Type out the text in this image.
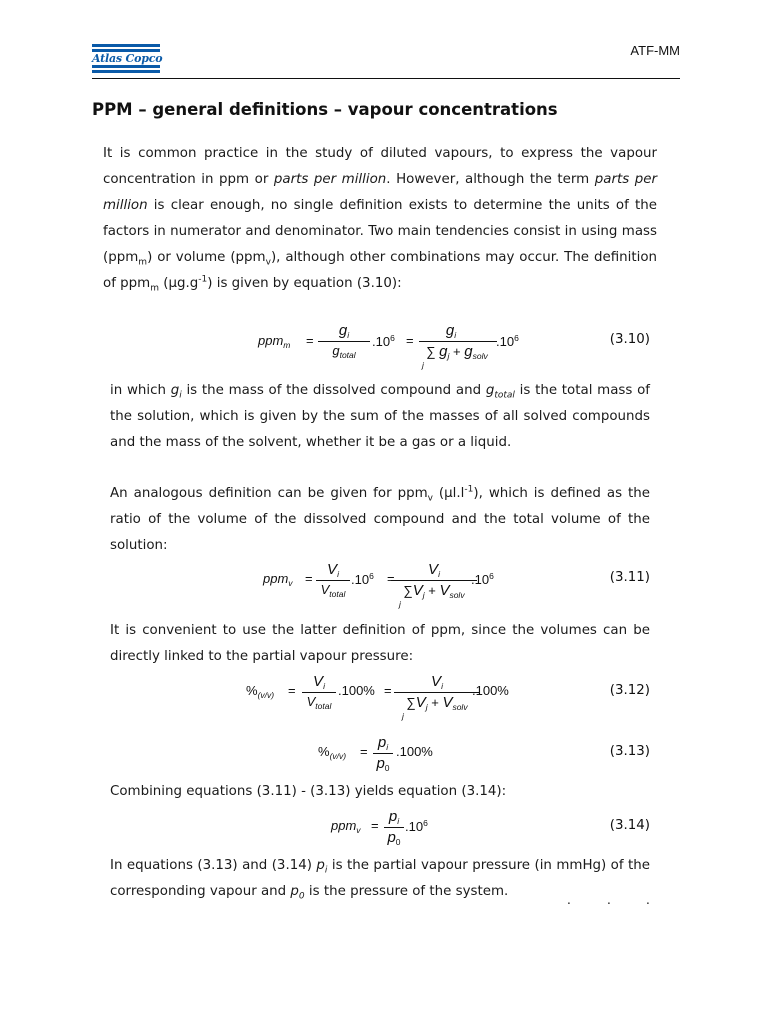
Atlas Copco
ATF-MM
PPM – general definitions – vapour concentrations
It is common practice in the study of diluted vapours, to express the vapour concentration in ppm or parts per million. However, although the term parts per million is clear enough, no single definition exists to determine the units of the factors in numerator and denominator. Two main tendencies consist in using mass (ppm$_m$) or volume (ppm$_v$), although other combinations may occur. The definition of ppm$_m$ $(\mu g.g^{-1})$ is given by equation (3.10):
ppm$_m$ =
$g_i$
$g_{total}$
$.10^6$ =
$g_i$
∑ $g_j + g_{solv}$
j
$.10^6$	(3.10)
in which $g_i$ is the mass of the dissolved compound and $g_{total}$ is the total mass of the solution, which is given by the sum of the masses of all solved compounds and the mass of the solvent, whether it be a gas or a liquid.
An analogous definition can be given for ppm$_v$ $(\mu l.l^{-1})$, which is defined as the ratio of the volume of the dissolved compound and the total volume of the solution:
ppm$_v$ =
$V_i$
$V_{total}$
$.10^6$ =
$V_i$
$\sum V_j + V_{solv}$
j
$.10^6$	(3.11)
It is convenient to use the latter definition of ppm, since the volumes can be directly linked to the partial vapour pressure:
$\%_{(v/v)}$ =
$V_i$
$V_{total}$
.100% =
$V_i$
$\sum V_j + V_{solv}$
j
.100%	(3.12)
$\%_{(v/v)}$ =
$p_i$
$p_0$
.100%	(3.13)
Combining equations (3.11) - (3.13) yields equation (3.14):
ppm$_v$ =
$p_i$
$p_0$
$.10^6$	(3.14)
In equations (3.13) and (3.14) $p_i$ is the partial vapour pressure (in mmHg) of the corresponding vapour and $p_0$ is the pressure of the system.
.	.	.
